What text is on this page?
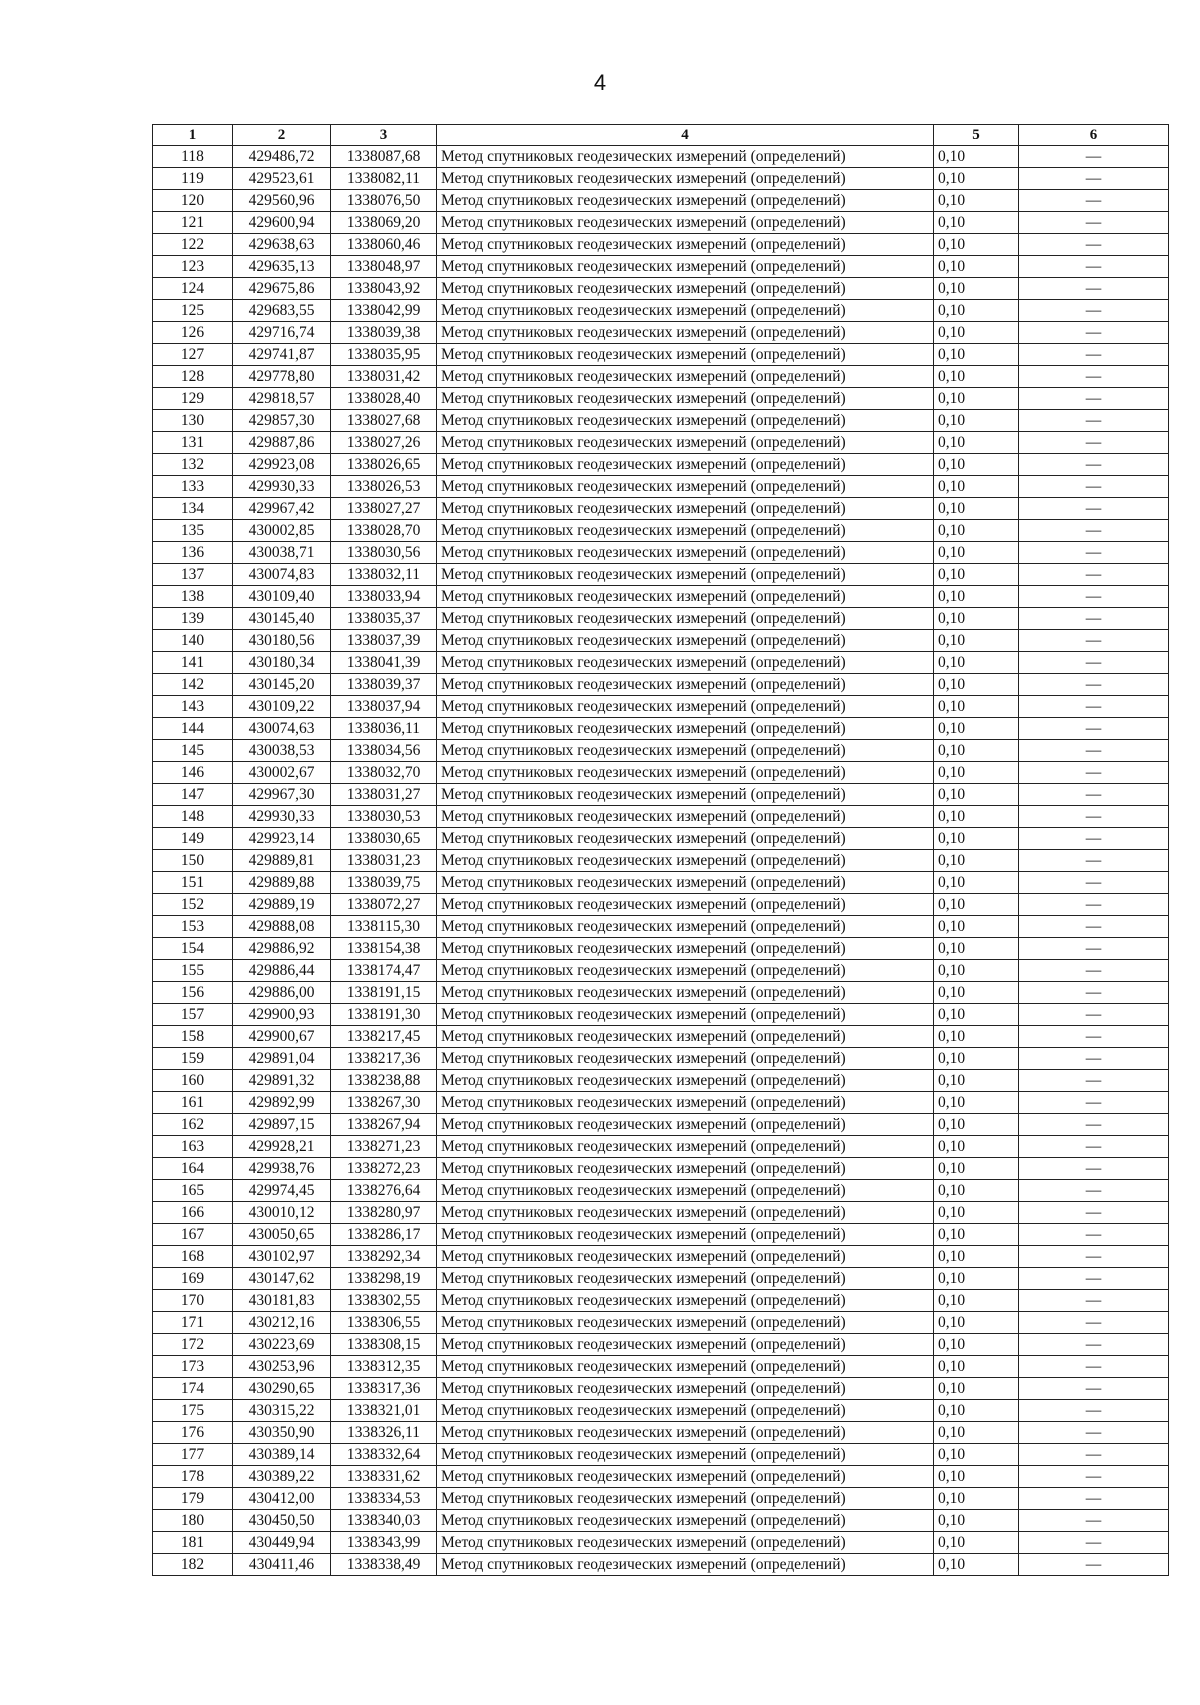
4
1	2	3	4	5	6
118	429486,72	1338087,68	Метод спутниковых геодезических измерений (определений)	0,10	—
119	429523,61	1338082,11	Метод спутниковых геодезических измерений (определений)	0,10	—
120	429560,96	1338076,50	Метод спутниковых геодезических измерений (определений)	0,10	—
121	429600,94	1338069,20	Метод спутниковых геодезических измерений (определений)	0,10	—
122	429638,63	1338060,46	Метод спутниковых геодезических измерений (определений)	0,10	—
123	429635,13	1338048,97	Метод спутниковых геодезических измерений (определений)	0,10	—
124	429675,86	1338043,92	Метод спутниковых геодезических измерений (определений)	0,10	—
125	429683,55	1338042,99	Метод спутниковых геодезических измерений (определений)	0,10	—
126	429716,74	1338039,38	Метод спутниковых геодезических измерений (определений)	0,10	—
127	429741,87	1338035,95	Метод спутниковых геодезических измерений (определений)	0,10	—
128	429778,80	1338031,42	Метод спутниковых геодезических измерений (определений)	0,10	—
129	429818,57	1338028,40	Метод спутниковых геодезических измерений (определений)	0,10	—
130	429857,30	1338027,68	Метод спутниковых геодезических измерений (определений)	0,10	—
131	429887,86	1338027,26	Метод спутниковых геодезических измерений (определений)	0,10	—
132	429923,08	1338026,65	Метод спутниковых геодезических измерений (определений)	0,10	—
133	429930,33	1338026,53	Метод спутниковых геодезических измерений (определений)	0,10	—
134	429967,42	1338027,27	Метод спутниковых геодезических измерений (определений)	0,10	—
135	430002,85	1338028,70	Метод спутниковых геодезических измерений (определений)	0,10	—
136	430038,71	1338030,56	Метод спутниковых геодезических измерений (определений)	0,10	—
137	430074,83	1338032,11	Метод спутниковых геодезических измерений (определений)	0,10	—
138	430109,40	1338033,94	Метод спутниковых геодезических измерений (определений)	0,10	—
139	430145,40	1338035,37	Метод спутниковых геодезических измерений (определений)	0,10	—
140	430180,56	1338037,39	Метод спутниковых геодезических измерений (определений)	0,10	—
141	430180,34	1338041,39	Метод спутниковых геодезических измерений (определений)	0,10	—
142	430145,20	1338039,37	Метод спутниковых геодезических измерений (определений)	0,10	—
143	430109,22	1338037,94	Метод спутниковых геодезических измерений (определений)	0,10	—
144	430074,63	1338036,11	Метод спутниковых геодезических измерений (определений)	0,10	—
145	430038,53	1338034,56	Метод спутниковых геодезических измерений (определений)	0,10	—
146	430002,67	1338032,70	Метод спутниковых геодезических измерений (определений)	0,10	—
147	429967,30	1338031,27	Метод спутниковых геодезических измерений (определений)	0,10	—
148	429930,33	1338030,53	Метод спутниковых геодезических измерений (определений)	0,10	—
149	429923,14	1338030,65	Метод спутниковых геодезических измерений (определений)	0,10	—
150	429889,81	1338031,23	Метод спутниковых геодезических измерений (определений)	0,10	—
151	429889,88	1338039,75	Метод спутниковых геодезических измерений (определений)	0,10	—
152	429889,19	1338072,27	Метод спутниковых геодезических измерений (определений)	0,10	—
153	429888,08	1338115,30	Метод спутниковых геодезических измерений (определений)	0,10	—
154	429886,92	1338154,38	Метод спутниковых геодезических измерений (определений)	0,10	—
155	429886,44	1338174,47	Метод спутниковых геодезических измерений (определений)	0,10	—
156	429886,00	1338191,15	Метод спутниковых геодезических измерений (определений)	0,10	—
157	429900,93	1338191,30	Метод спутниковых геодезических измерений (определений)	0,10	—
158	429900,67	1338217,45	Метод спутниковых геодезических измерений (определений)	0,10	—
159	429891,04	1338217,36	Метод спутниковых геодезических измерений (определений)	0,10	—
160	429891,32	1338238,88	Метод спутниковых геодезических измерений (определений)	0,10	—
161	429892,99	1338267,30	Метод спутниковых геодезических измерений (определений)	0,10	—
162	429897,15	1338267,94	Метод спутниковых геодезических измерений (определений)	0,10	—
163	429928,21	1338271,23	Метод спутниковых геодезических измерений (определений)	0,10	—
164	429938,76	1338272,23	Метод спутниковых геодезических измерений (определений)	0,10	—
165	429974,45	1338276,64	Метод спутниковых геодезических измерений (определений)	0,10	—
166	430010,12	1338280,97	Метод спутниковых геодезических измерений (определений)	0,10	—
167	430050,65	1338286,17	Метод спутниковых геодезических измерений (определений)	0,10	—
168	430102,97	1338292,34	Метод спутниковых геодезических измерений (определений)	0,10	—
169	430147,62	1338298,19	Метод спутниковых геодезических измерений (определений)	0,10	—
170	430181,83	1338302,55	Метод спутниковых геодезических измерений (определений)	0,10	—
171	430212,16	1338306,55	Метод спутниковых геодезических измерений (определений)	0,10	—
172	430223,69	1338308,15	Метод спутниковых геодезических измерений (определений)	0,10	—
173	430253,96	1338312,35	Метод спутниковых геодезических измерений (определений)	0,10	—
174	430290,65	1338317,36	Метод спутниковых геодезических измерений (определений)	0,10	—
175	430315,22	1338321,01	Метод спутниковых геодезических измерений (определений)	0,10	—
176	430350,90	1338326,11	Метод спутниковых геодезических измерений (определений)	0,10	—
177	430389,14	1338332,64	Метод спутниковых геодезических измерений (определений)	0,10	—
178	430389,22	1338331,62	Метод спутниковых геодезических измерений (определений)	0,10	—
179	430412,00	1338334,53	Метод спутниковых геодезических измерений (определений)	0,10	—
180	430450,50	1338340,03	Метод спутниковых геодезических измерений (определений)	0,10	—
181	430449,94	1338343,99	Метод спутниковых геодезических измерений (определений)	0,10	—
182	430411,46	1338338,49	Метод спутниковых геодезических измерений (определений)	0,10	—
